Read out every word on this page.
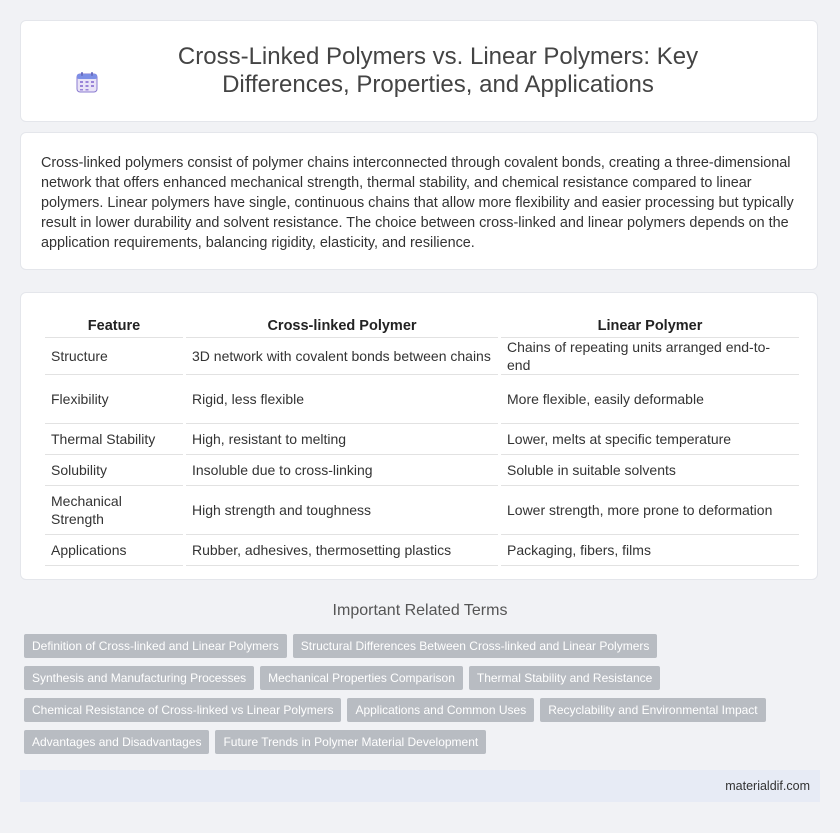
Cross-Linked Polymers vs. Linear Polymers: Key Differences, Properties, and Applications

Cross-linked polymers consist of polymer chains interconnected through covalent bonds, creating a three-dimensional network that offers enhanced mechanical strength, thermal stability, and chemical resistance compared to linear polymers. Linear polymers have single, continuous chains that allow more flexibility and easier processing but typically result in lower durability and solvent resistance. The choice between cross-linked and linear polymers depends on the application requirements, balancing rigidity, elasticity, and resilience.

Feature		Cross-linked Polymer		Linear Polymer
Structure		3D network with covalent bonds between chains		Chains of repeating units arranged end-to-end
Flexibility		Rigid, less flexible		More flexible, easily deformable
Thermal Stability		High, resistant to melting		Lower, melts at specific temperature
Solubility		Insoluble due to cross-linking		Soluble in suitable solvents
Mechanical Strength		High strength and toughness		Lower strength, more prone to deformation
Applications		Rubber, adhesives, thermosetting plastics		Packaging, fibers, films
Important Related Terms
Definition of Cross-linked and Linear Polymers	Structural Differences Between Cross-linked and Linear Polymers
Synthesis and Manufacturing Processes	Mechanical Properties Comparison	Thermal Stability and Resistance
Chemical Resistance of Cross-linked vs Linear Polymers	Applications and Common Uses	Recyclability and Environmental Impact
Advantages and Disadvantages	Future Trends in Polymer Material Development
materialdif.com
